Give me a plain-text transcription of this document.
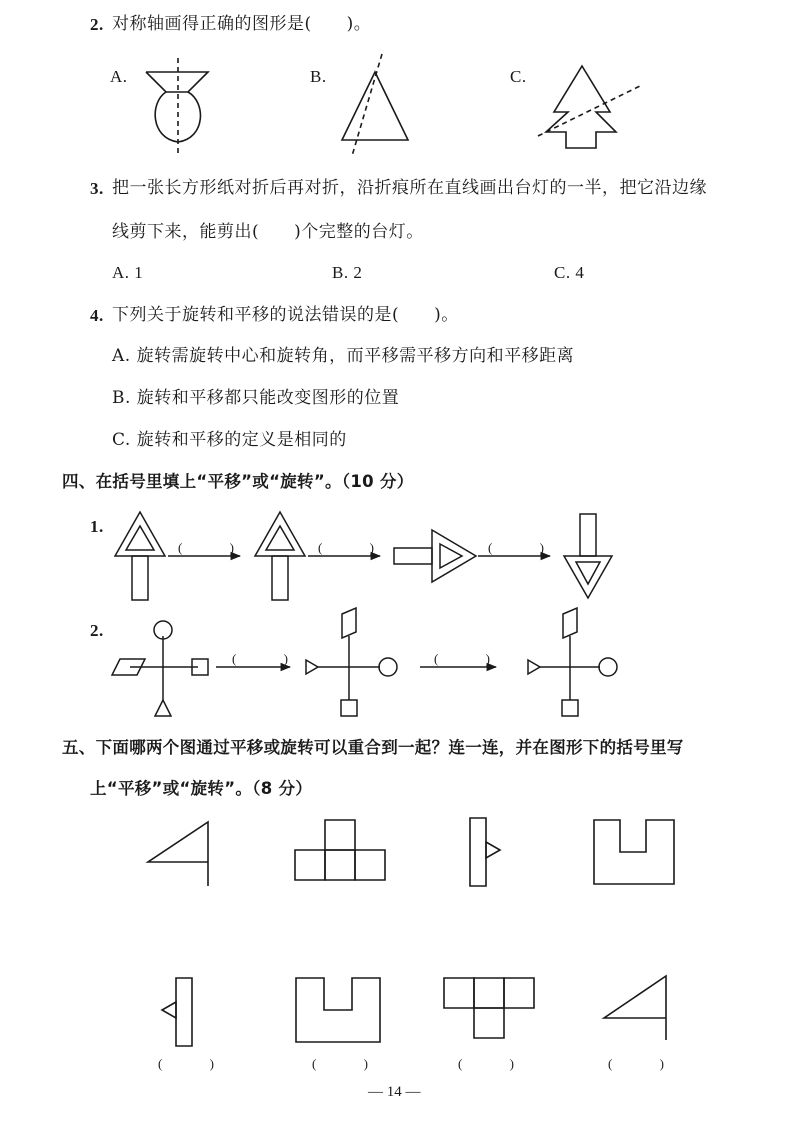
2. 对称轴画得正确的图形是(　　)。
A.	B.	C.
3. 把一张长方形纸对折后再对折，沿折痕所在直线画出台灯的一半，把它沿边缘
线剪下来，能剪出(　　)个完整的台灯。
A. 1	B. 2	C. 4
4. 下列关于旋转和平移的说法错误的是(　　)。
A. 旋转需旋转中心和旋转角，而平移需平移方向和平移距离
B. 旋转和平移都只能改变图形的位置
C. 旋转和平移的定义是相同的
四、在括号里填上“平移”或“旋转”。（10 分）
1.
2.
( )	( )	( )
( )	( )
五、下面哪两个图通过平移或旋转可以重合到一起？连一连，并在图形下的括号里写
上“平移”或“旋转”。（8 分）
( )	( )	( )	( )
— 14 —
